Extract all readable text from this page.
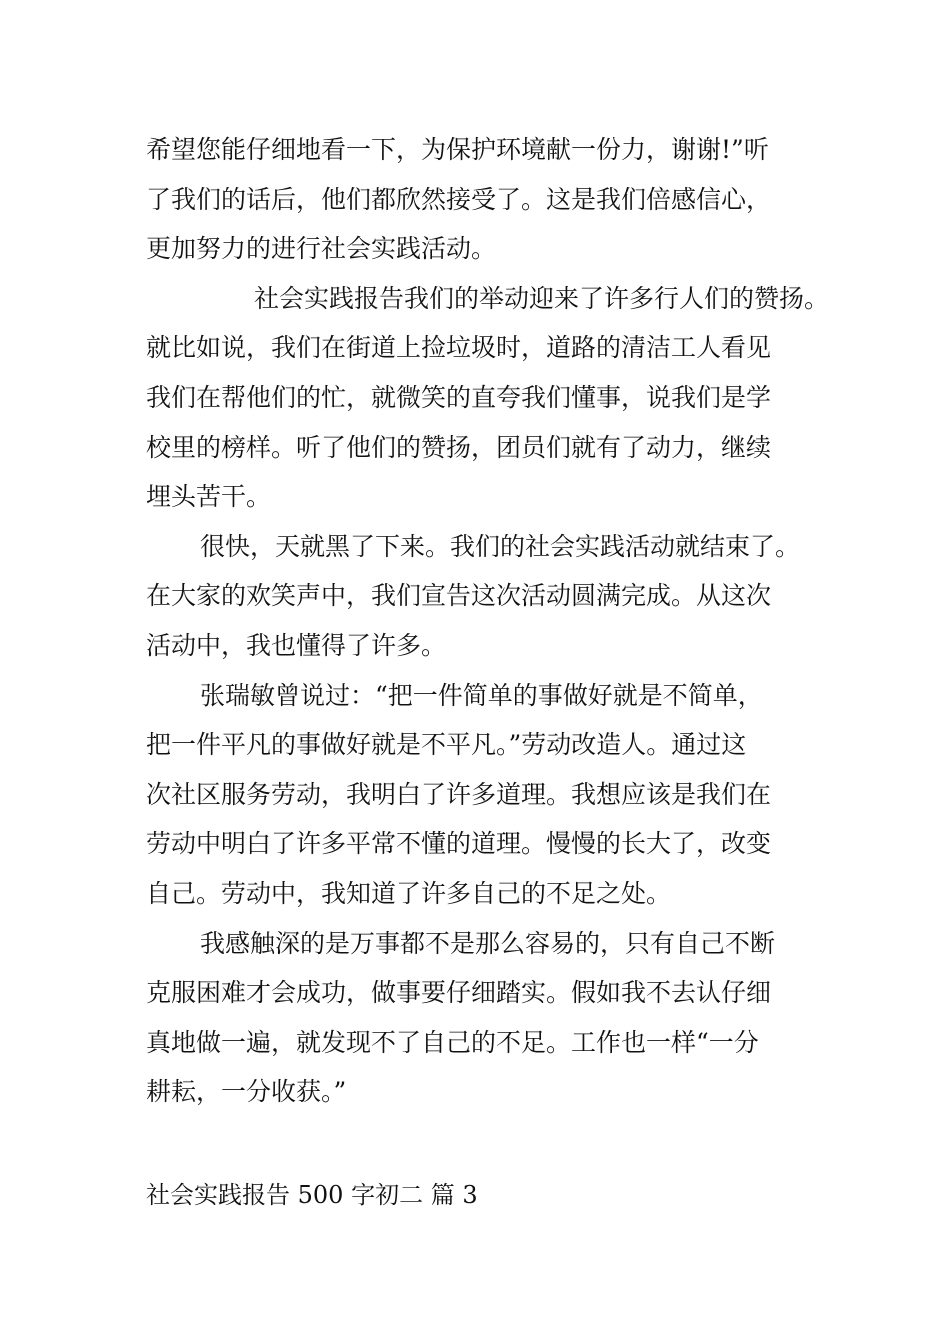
希望您能仔细地看一下，为保护环境献一份力，谢谢!”听
了我们的话后，他们都欣然接受了。这是我们倍感信心，
更加努力的进行社会实践活动。

社会实践报告我们的举动迎来了许多行人们的赞扬。
就比如说，我们在街道上捡垃圾时，道路的清洁工人看见
我们在帮他们的忙，就微笑的直夸我们懂事，说我们是学
校里的榜样。听了他们的赞扬，团员们就有了动力，继续
埋头苦干。

很快，天就黑了下来。我们的社会实践活动就结束了。
在大家的欢笑声中，我们宣告这次活动圆满完成。从这次
活动中，我也懂得了许多。

张瑞敏曾说过：“把一件简单的事做好就是不简单，
把一件平凡的事做好就是不平凡。”劳动改造人。通过这
次社区服务劳动，我明白了许多道理。我想应该是我们在
劳动中明白了许多平常不懂的道理。慢慢的长大了，改变
自己。劳动中，我知道了许多自己的不足之处。

我感触深的是万事都不是那么容易的，只有自己不断
克服困难才会成功，做事要仔细踏实。假如我不去认仔细
真地做一遍，就发现不了自己的不足。工作也一样“一分
耕耘，一分收获。”

社会实践报告 500 字初二 篇 3
